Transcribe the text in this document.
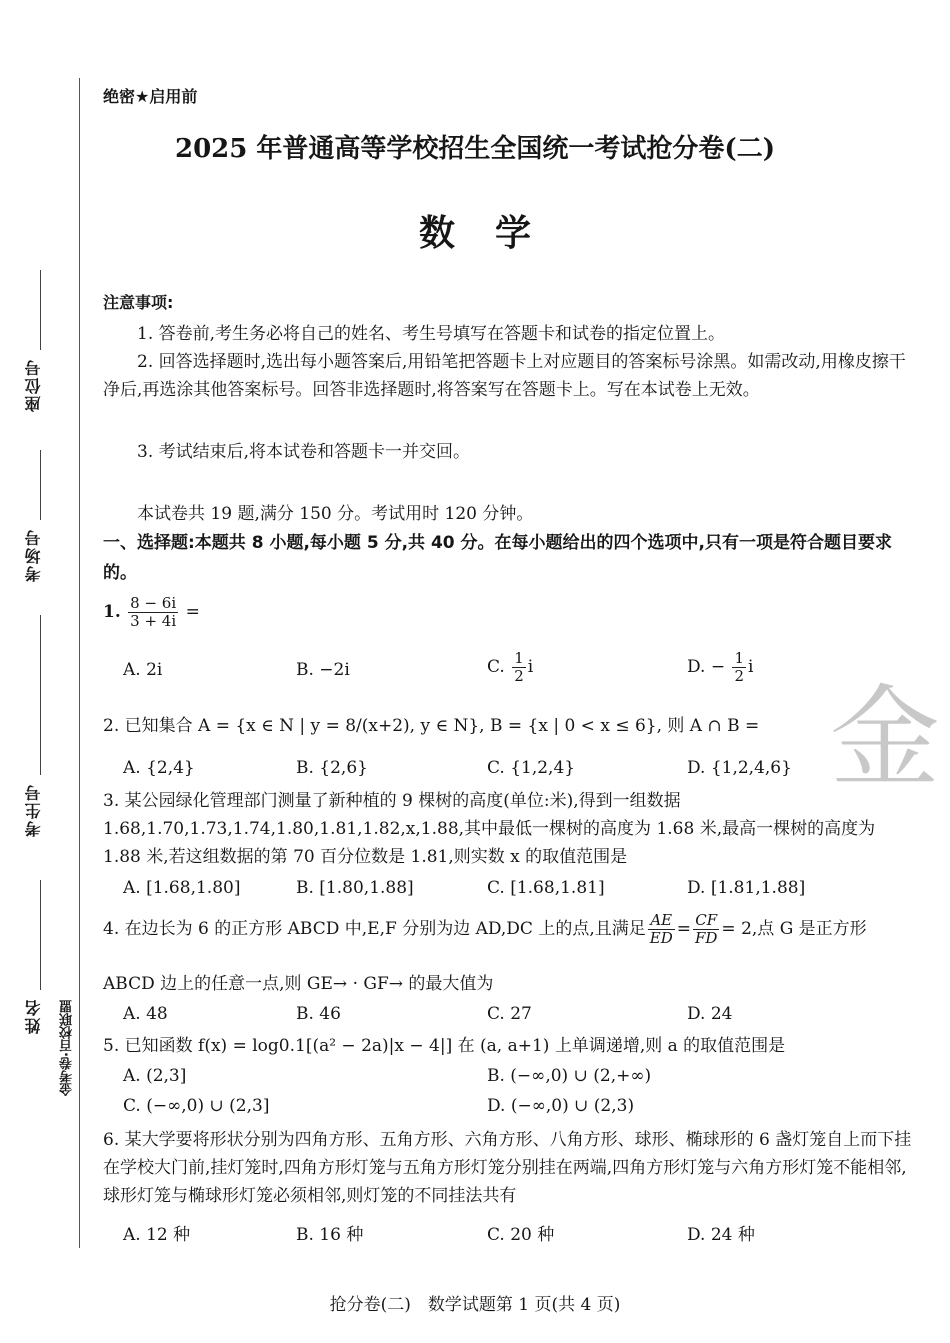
座位号
考场号
考生号
姓名 金考卷·百校联盟
绝密★启用前
2025 年普通高等学校招生全国统一考试抢分卷(二)
数学
注意事项:
1. 答卷前,考生务必将自己的姓名、考生号填写在答题卡和试卷的指定位置上。
2. 回答选择题时,选出每小题答案后,用铅笔把答题卡上对应题目的答案标号涂黑。如需改动,用橡皮擦干净后,再选涂其他答案标号。回答非选择题时,将答案写在答题卡上。写在本试卷上无效。
3. 考试结束后,将本试卷和答题卡一并交回。
本试卷共 19 题,满分 150 分。考试用时 120 分钟。
一、选择题:本题共 8 小题,每小题 5 分,共 40 分。在每小题给出的四个选项中,只有一项是符合题目要求的。
1. $\frac{8 - 6i}{3 + 4i}$ =
A. 2i	B. −2i	C. $\frac{1}{2}$ i	D. − $\frac{1}{2}$ i
2. 已知集合 A = {x ∈ N | y = 8/(x+2), y ∈ N}, B = {x | 0 < x ≤ 6}, 则 A ∩ B =
A. {2,4}	B. {2,6}	C. {1,2,4}	D. {1,2,4,6}
3. 某公园绿化管理部门测量了新种植的 9 棵树的高度(单位:米),得到一组数据 1.68,1.70,1.73,1.74,1.80,1.81,1.82,x,1.88,其中最低一棵树的高度为 1.68 米,最高一棵树的高度为 1.88 米,若这组数据的第 70 百分位数是 1.81,则实数 x 的取值范围是
A. [1.68,1.80]	B. [1.80,1.88]	C. [1.68,1.81]	D. [1.81,1.88]
4. 在边长为 6 的正方形 ABCD 中,E,F 分别为边 AD,DC 上的点,且满足 $\frac{AE}{ED} = \frac{CF}{FD} = 2$,点 G 是正方形
ABCD 边上的任意一点,则 GE→ · GF→ 的最大值为
A. 48	B. 46	C. 27	D. 24
5. 已知函数 f(x) = log0.1[(a² − 2a)|x − 4|] 在 (a, a+1) 上单调递增,则 a 的取值范围是
A. (2,3]	B. (−∞,0) ∪ (2,+∞)
C. (−∞,0) ∪ (2,3]	D. (−∞,0) ∪ (2,3)
6. 某大学要将形状分别为四角方形、五角方形、六角方形、八角方形、球形、椭球形的 6 盏灯笼自上而下挂在学校大门前,挂灯笼时,四角方形灯笼与五角方形灯笼分别挂在两端,四角方形灯笼与六角方形灯笼不能相邻,球形灯笼与椭球形灯笼必须相邻,则灯笼的不同挂法共有
A. 12 种	B. 16 种	C. 20 种	D. 24 种
金
抢分卷(二)　数学试题第 1 页(共 4 页)
